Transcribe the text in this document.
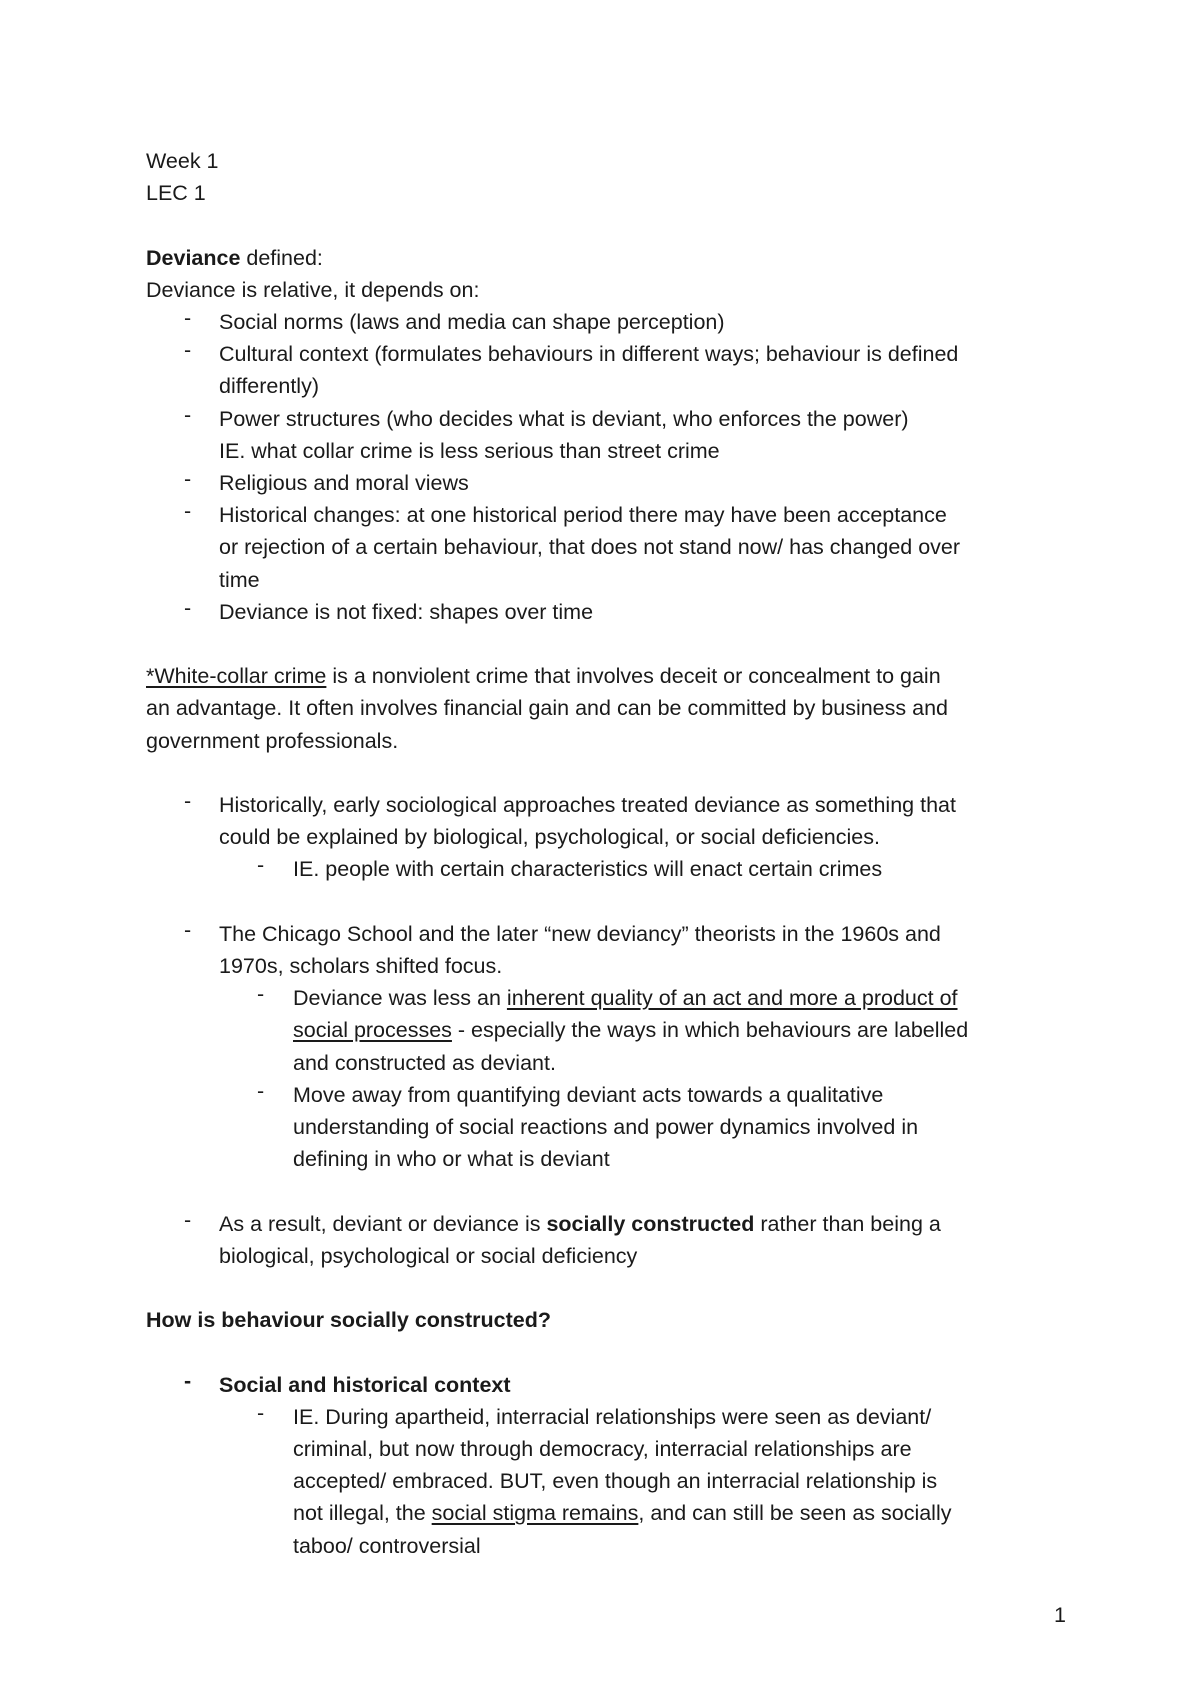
Week 1
LEC 1
Deviance defined:
Deviance is relative, it depends on:
- Social norms (laws and media can shape perception)
- Cultural context (formulates behaviours in different ways; behaviour is defined
differently)
- Power structures (who decides what is deviant, who enforces the power)
IE. what collar crime is less serious than street crime
- Religious and moral views
- Historical changes: at one historical period there may have been acceptance
or rejection of a certain behaviour, that does not stand now/ has changed over
time
- Deviance is not fixed: shapes over time
*White-collar crime is a nonviolent crime that involves deceit or concealment to gain
an advantage. It often involves financial gain and can be committed by business and
government professionals.
- Historically, early sociological approaches treated deviance as something that
could be explained by biological, psychological, or social deficiencies.
- IE. people with certain characteristics will enact certain crimes
- The Chicago School and the later “new deviancy” theorists in the 1960s and
1970s, scholars shifted focus.
- Deviance was less an inherent quality of an act and more a product of
social processes - especially the ways in which behaviours are labelled
and constructed as deviant.
- Move away from quantifying deviant acts towards a qualitative
understanding of social reactions and power dynamics involved in
defining in who or what is deviant
- As a result, deviant or deviance is socially constructed rather than being a
biological, psychological or social deficiency
How is behaviour socially constructed?
- Social and historical context
- IE. During apartheid, interracial relationships were seen as deviant/
criminal, but now through democracy, interracial relationships are
accepted/ embraced. BUT, even though an interracial relationship is
not illegal, the social stigma remains, and can still be seen as socially
taboo/ controversial
1
